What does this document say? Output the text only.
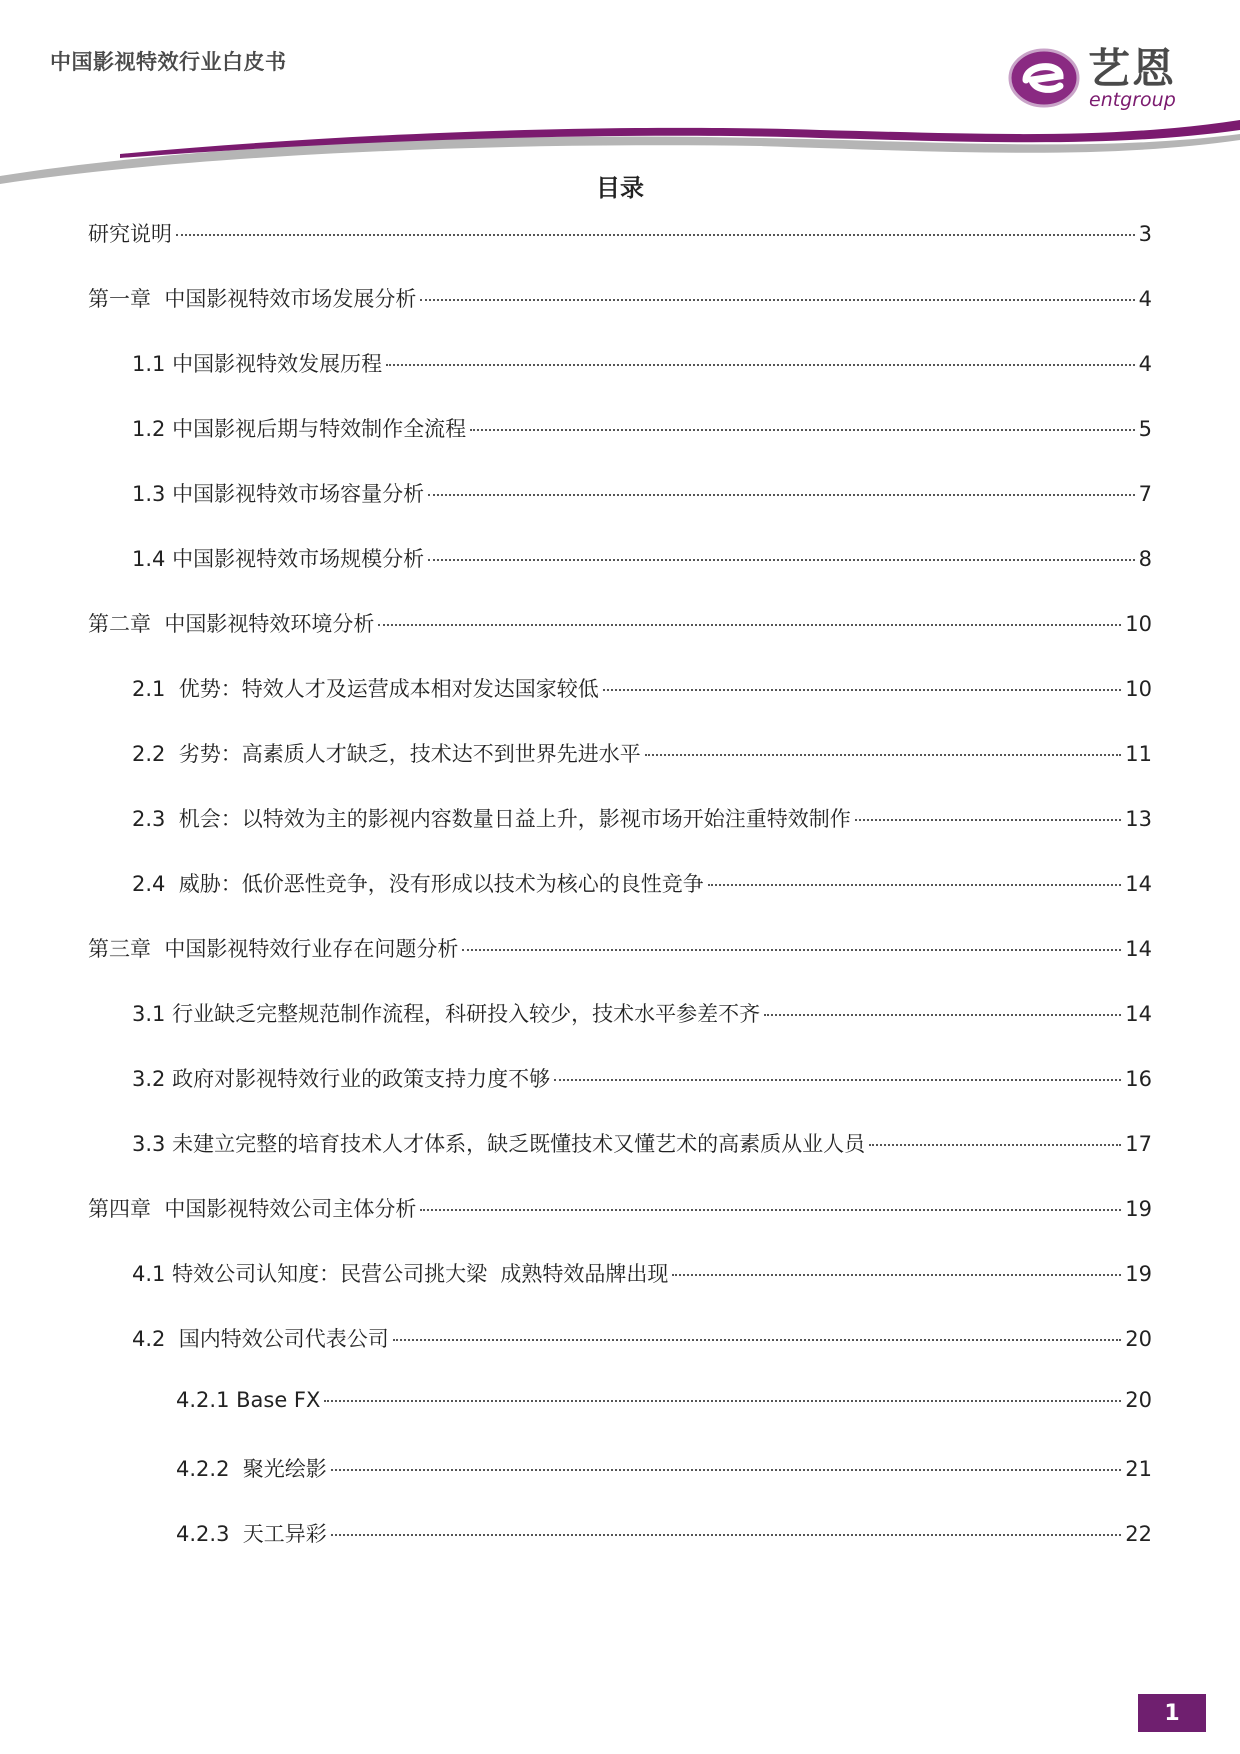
中国影视特效行业白皮书	艺恩
entgroup
目录
研究说明	3
第一章  中国影视特效市场发展分析	4
1.1 中国影视特效发展历程	4
1.2 中国影视后期与特效制作全流程	5
1.3 中国影视特效市场容量分析	7
1.4 中国影视特效市场规模分析	8
第二章  中国影视特效环境分析	10
2.1  优势：特效人才及运营成本相对发达国家较低	10
2.2  劣势：高素质人才缺乏，技术达不到世界先进水平	11
2.3  机会：以特效为主的影视内容数量日益上升，影视市场开始注重特效制作	13
2.4  威胁：低价恶性竞争，没有形成以技术为核心的良性竞争	14
第三章  中国影视特效行业存在问题分析	14
3.1 行业缺乏完整规范制作流程，科研投入较少，技术水平参差不齐	14
3.2 政府对影视特效行业的政策支持力度不够	16
3.3 未建立完整的培育技术人才体系，缺乏既懂技术又懂艺术的高素质从业人员	17
第四章  中国影视特效公司主体分析	19
4.1 特效公司认知度：民营公司挑大梁  成熟特效品牌出现	19
4.2  国内特效公司代表公司	20
4.2.1 Base FX	20
4.2.2  聚光绘影	21
4.2.3  天工异彩	22
1
